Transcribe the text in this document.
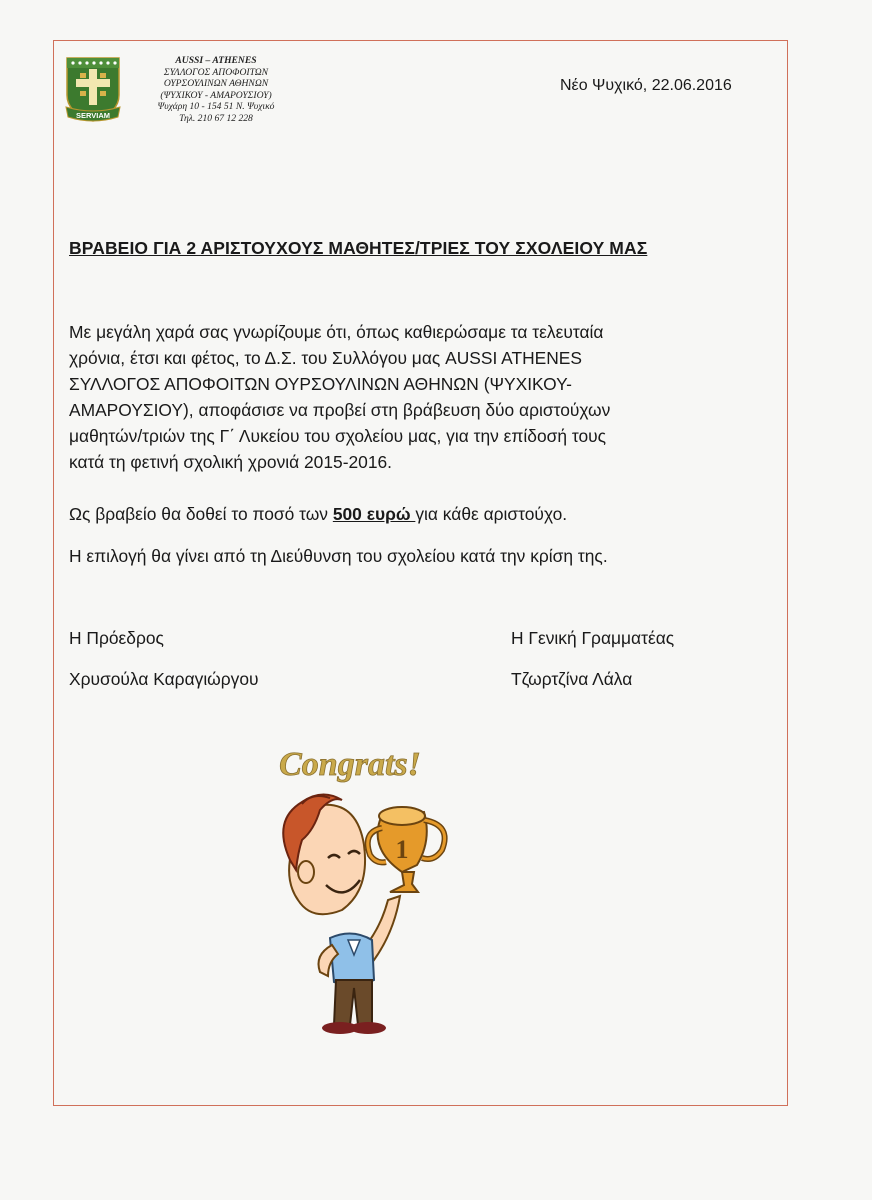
SERVIAM
AUSSI – ATHENES
ΣΥΛΛΟΓΟΣ ΑΠΟΦΟΙΤΩΝ
ΟΥΡΣΟΥΛΙΝΩΝ ΑΘΗΝΩΝ
(ΨΥΧΙΚΟΥ - ΑΜΑΡΟΥΣΙΟΥ)
Ψυχάρη 10 - 154 51 Ν. Ψυχικό
Τηλ. 210 67 12 228
Νέο Ψυχικό, 22.06.2016
ΒΡΑΒΕΙΟ ΓΙΑ 2 ΑΡΙΣΤΟΥΧΟΥΣ ΜΑΘΗΤΕΣ/ΤΡΙΕΣ ΤΟΥ ΣΧΟΛΕΙΟΥ ΜΑΣ
Με μεγάλη χαρά σας γνωρίζουμε ότι, όπως καθιερώσαμε τα τελευταία
χρόνια, έτσι και φέτος, το Δ.Σ. του Συλλόγου μας AUSSI ATHENES
ΣΥΛΛΟΓΟΣ ΑΠΟΦΟΙΤΩΝ ΟΥΡΣΟΥΛΙΝΩΝ ΑΘΗΝΩΝ (ΨΥΧΙΚΟΥ-
ΑΜΑΡΟΥΣΙΟΥ), αποφάσισε να προβεί στη βράβευση δύο αριστούχων
μαθητών/τριών της Γ΄ Λυκείου του σχολείου μας, για την επίδοσή τους
κατά τη φετινή σχολική χρονιά 2015-2016.
Ως βραβείο θα δοθεί το ποσό των 500 ευρώ για κάθε αριστούχο.
Η επιλογή θα γίνει από τη Διεύθυνση του σχολείου κατά την κρίση της.
Η Πρόεδρος
Χρυσούλα Καραγιώργου
Η Γενική Γραμματέας
Τζωρτζίνα Λάλα
Congrats!
1
